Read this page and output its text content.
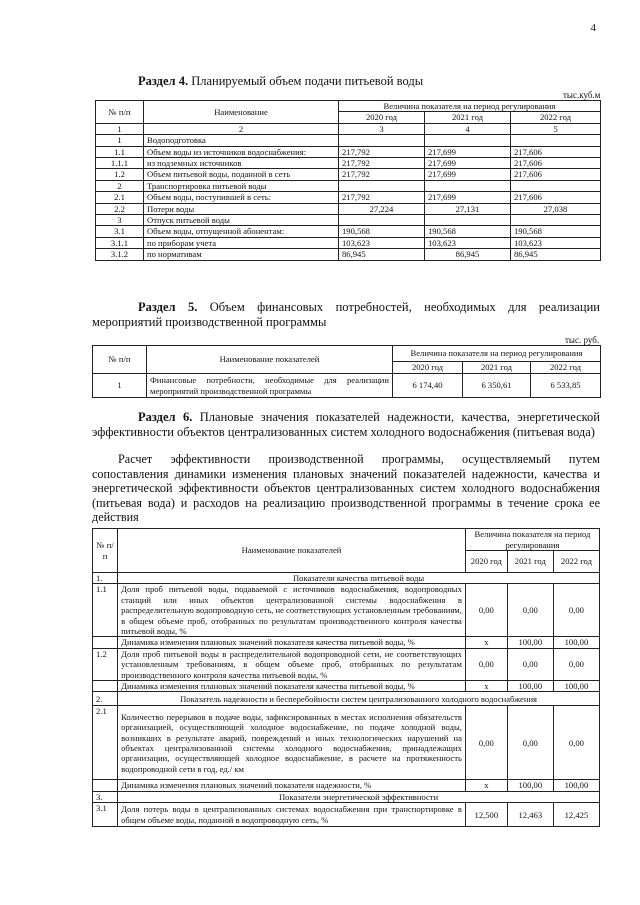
4
Раздел 4. Планируемый объем подачи питьевой воды
тыс.куб.м
№ п/п	Наименование	Величина показателя на период регулирования		
		2020 год	2021 год	2022 год
1	2	3	4	5
1	Водоподготовка			
1.1	Объем воды из источников водоснабжения:	217,792	217,699	217,606
1.1.1	из подземных источников	217,792	217,699	217,606
1.2	Объем питьевой воды, поданной в сеть	217,792	217,699	217,606
2	Транспортировка питьевой воды			
2.1	Объем воды, поступившей в сеть:	217,792	217,699	217,606
2.2	Потери воды	27,224	27,131	27,038
3	Отпуск питьевой воды			
3.1	Объем воды, отпущенной абонентам:	190,568	190,568	190,568
3.1.1	по приборам учета	103,623	103,623	103,623
3.1.2	по нормативам	86,945	86,945	86,945
Раздел 5. Объем финансовых потребностей, необходимых для реализации мероприятий производственной программы
тыс. руб.
№ п/п	Наименование показателей	Величина показателя на период регулирования		
		2020 год	2021 год	2022 год
1	Финансовые потребности, необходимые для реализации мероприятий производственной программы	6 174,40	6 350,61	6 533,85
Раздел 6. Плановые значения показателей надежности, качества, энергетической эффективности объектов централизованных систем холодного водоснабжения (питьевая вода)
Расчет эффективности производственной программы, осуществляемый путем сопоставления динамики изменения плановых значений показателей надежности, качества и энергетической эффективности объектов централизованных систем холодного водоснабжения (питьевая вода) и расходов на реализацию производственной программы в течение срока ее действия
№ п/п	Наименование показателей	Величина показателя на период регулирования		
		2020 год	2021 год	2022 год
1.	Показатели качества питьевой воды			
1.1	Доля проб питьевой воды, подаваемой с источников водоснабжения, водопроводных станций или иных объектов централизованной системы водоснабжения в распределительную водопроводную сеть, не соответствующих установленным требованиям, в общем объеме проб, отобранных по результатам производственного контроля качества питьевой воды, %	0,00	0,00	0,00
	Динамика изменения плановых значений показателя качества питьевой воды, %	х	100,00	100,00
1.2	Доля проб питьевой воды в распределительной водопроводной сети, не соответствующих установленным требованиям, в общем объеме проб, отобранных по результатам производственного контроля качества питьевой воды, %	0,00	0,00	0,00
	Динамика изменения плановых значений показателя качества питьевой воды, %	х	100,00	100,00
2.	Показатель надежности и бесперебойности систем централизованного холодного водоснабжения			
2.1	Количество перерывов в подаче воды, зафиксированных в местах исполнения обязательств организацией, осуществляющей холодное водоснабжение, по подаче холодной воды, возникших в результате аварий, повреждений и иных технологических нарушений на объектах централизованной системы холодного водоснабжения, принадлежащих организации, осуществляющей холодное водоснабжение, в расчете на протяженность водопроводной сети в год, ед./ км	0,00	0,00	0,00
	Динамика изменения плановых значений показателя надежности, %	х	100,00	100,00
3.	Показатели энергетической эффективности			
3.1	Доля потерь воды в централизованных системах водоснабжения при транспортировке в общем объеме воды, поданной в водопроводную сеть, %	12,500	12,463	12,425
